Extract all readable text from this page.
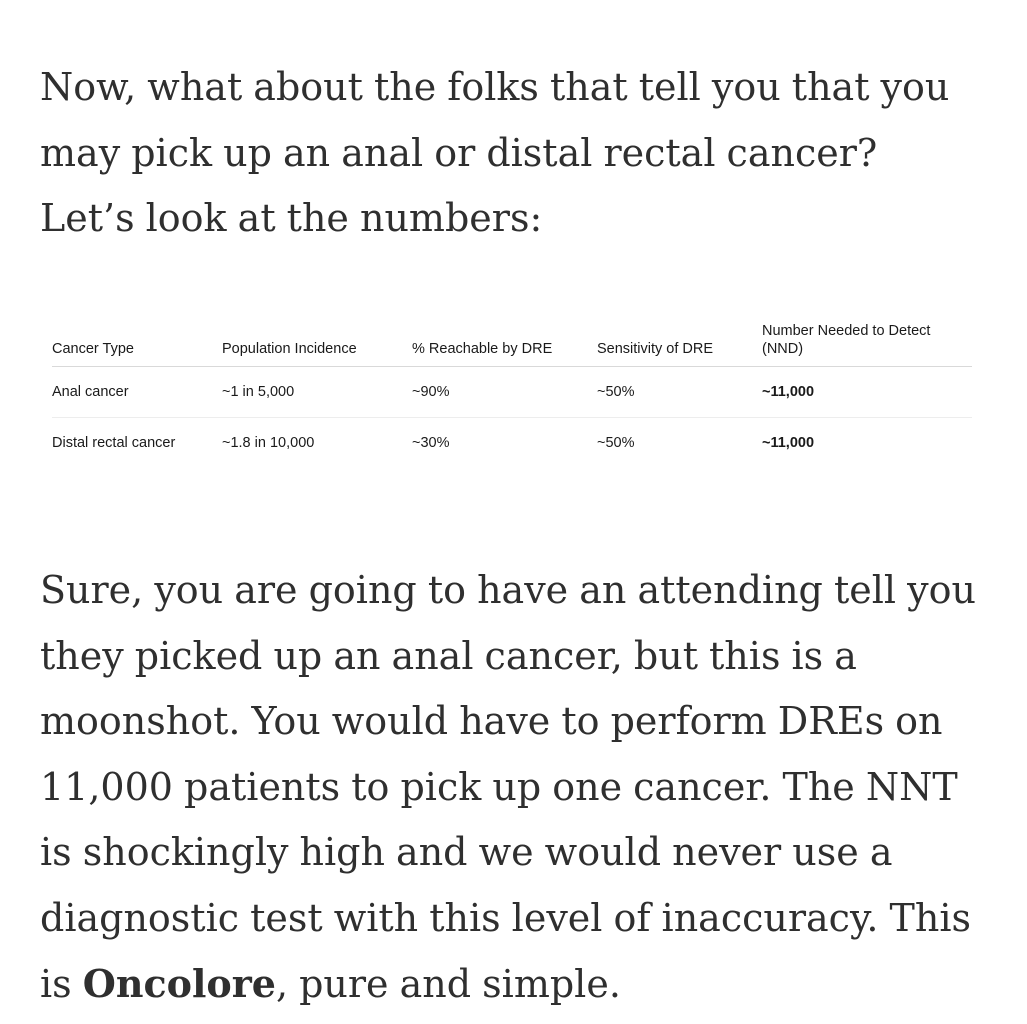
Now, what about the folks that tell you that you may pick up an anal or distal rectal cancer? Let’s look at the numbers:

Cancer Type	Population Incidence	% Reachable by DRE	Sensitivity of DRE	Number Needed to Detect (NND)
Anal cancer	~1 in 5,000	~90%	~50%	~11,000
Distal rectal cancer	~1.8 in 10,000	~30%	~50%	~11,000

Sure, you are going to have an attending tell you they picked up an anal cancer, but this is a moonshot. You would have to perform DREs on 11,000 patients to pick up one cancer. The NNT is shockingly high and we would never use a diagnostic test with this level of inaccuracy. This is Oncolore, pure and simple.
